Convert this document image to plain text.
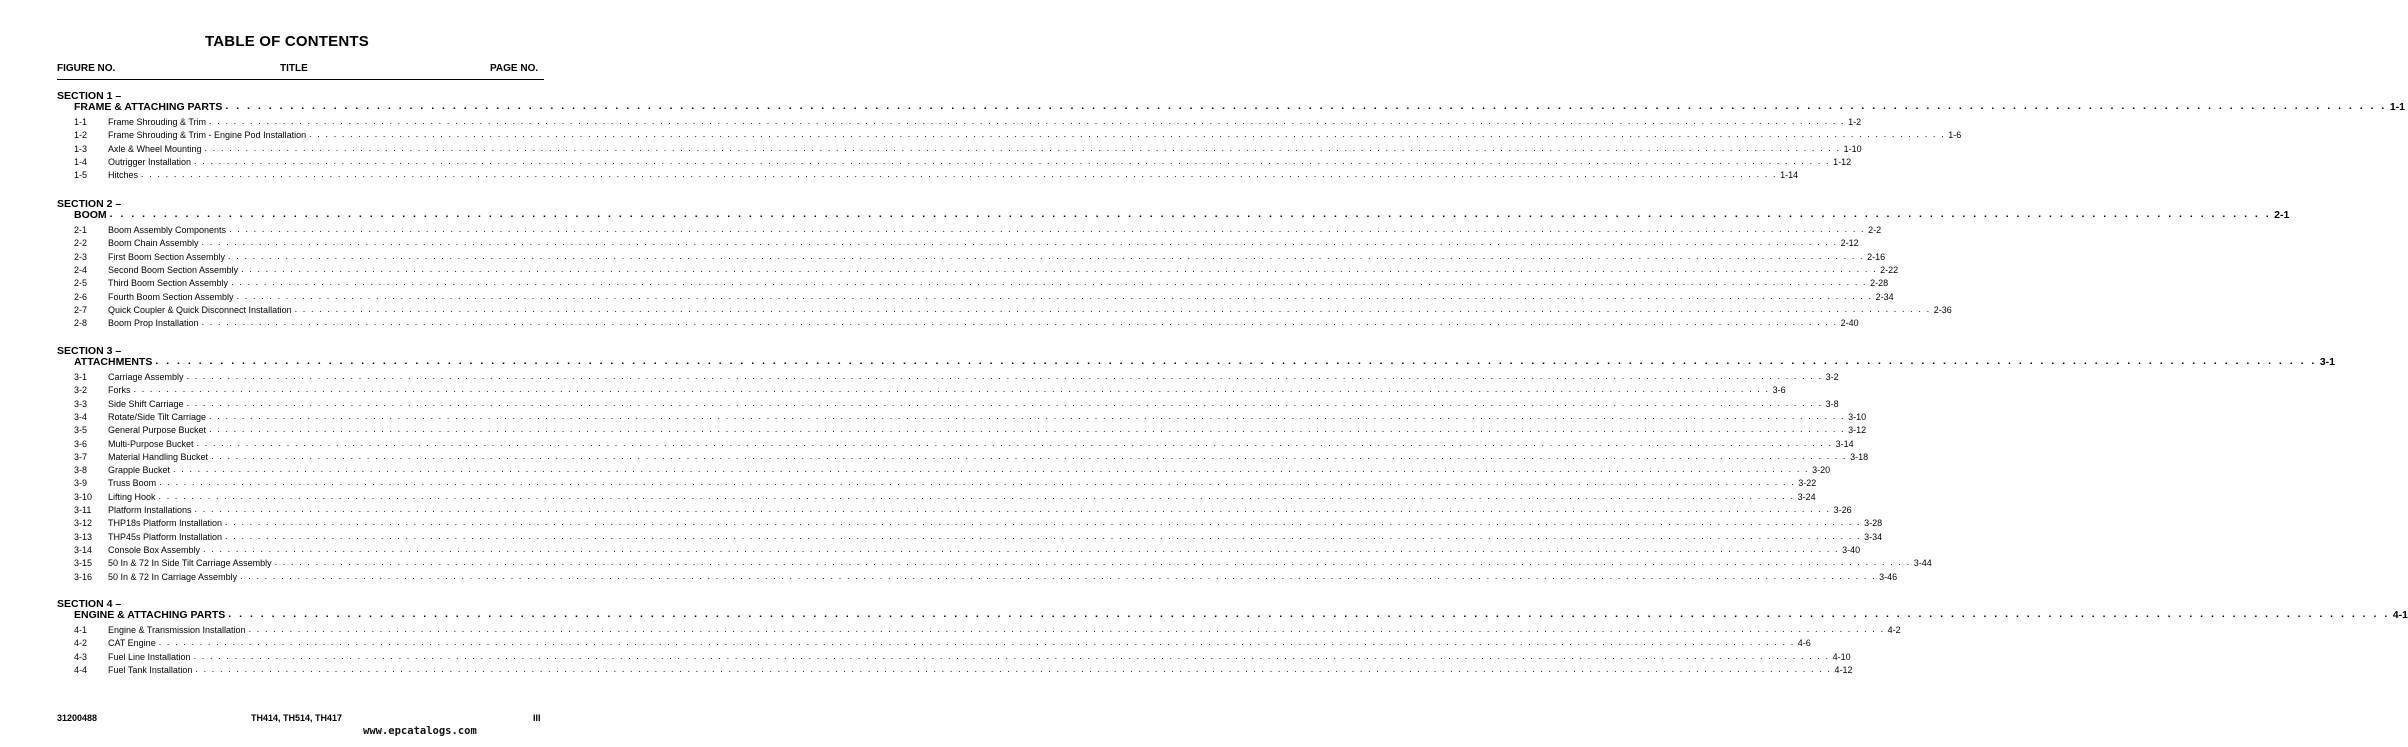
TABLE OF CONTENTS
FIGURE NO.	TITLE	PAGE NO.
SECTION 1 –
FRAME & ATTACHING PARTS . . . . . . . . . . . . . . . . . . . . . . . . . . . . . . . . . . . . . . . . . . . . . . . . . . . . . . . . . . . . . . . . . . . . . . . . . . . . . . . . . . . . . . . . . . . . . . . . . . . . . . . . . . . . . . . . . . . . . . . . . . . . . . . . . . . . . . . . . . . . . . . . . . . . . . . . . . . . . . . . . . . . . . . . . . . . . . . . . . . . . . . . . . . . . . . . . . . . . . . . 1-1
1-1	Frame Shrouding & Trim . . . . . . . . . . . . . . . . . . . . . . . . . . . . . . . . . . . . . . . . . . . . . . . . . . . . . . . . . . . . . . . . . . . . . . . . . . . . . . . . . . . . . . . . . . . . . . . . . . . . . . . . . . . . . . . . . . . . . . . . . . . . . . . . . . . . . . . . . . . . . . . . . . . . . . . . . . . . . . . . . . . . . . . . . . . . . . . . . . . . . . . . . . . . . . . . . . . . . . . . 1-2
1-2	Frame Shrouding & Trim - Engine Pod Installation . . . . . . . . . . . . . . . . . . . . . . . . . . . . . . . . . . . . . . . . . . . . . . . . . . . . . . . . . . . . . . . . . . . . . . . . . . . . . . . . . . . . . . . . . . . . . . . . . . . . . . . . . . . . . . . . . . . . . . . . . . . . . . . . . . . . . . . . . . . . . . . . . . . . . . . . . . . . . . . . . . . . . . . . . . . . . . . . . . . . . . . . . . . . . . . . . . . . . . . . 1-6
1-3	Axle & Wheel Mounting . . . . . . . . . . . . . . . . . . . . . . . . . . . . . . . . . . . . . . . . . . . . . . . . . . . . . . . . . . . . . . . . . . . . . . . . . . . . . . . . . . . . . . . . . . . . . . . . . . . . . . . . . . . . . . . . . . . . . . . . . . . . . . . . . . . . . . . . . . . . . . . . . . . . . . . . . . . . . . . . . . . . . . . . . . . . . . . . . . . . . . . . . . . . . . . . . . . . . . . . 1-10
1-4	Outrigger Installation . . . . . . . . . . . . . . . . . . . . . . . . . . . . . . . . . . . . . . . . . . . . . . . . . . . . . . . . . . . . . . . . . . . . . . . . . . . . . . . . . . . . . . . . . . . . . . . . . . . . . . . . . . . . . . . . . . . . . . . . . . . . . . . . . . . . . . . . . . . . . . . . . . . . . . . . . . . . . . . . . . . . . . . . . . . . . . . . . . . . . . . . . . . . . . . . . . . . . . . . 1-12
1-5	Hitches . . . . . . . . . . . . . . . . . . . . . . . . . . . . . . . . . . . . . . . . . . . . . . . . . . . . . . . . . . . . . . . . . . . . . . . . . . . . . . . . . . . . . . . . . . . . . . . . . . . . . . . . . . . . . . . . . . . . . . . . . . . . . . . . . . . . . . . . . . . . . . . . . . . . . . . . . . . . . . . . . . . . . . . . . . . . . . . . . . . . . . . . . . . . . . . . . . . . . . . . 1-14
SECTION 2 –
BOOM . . . . . . . . . . . . . . . . . . . . . . . . . . . . . . . . . . . . . . . . . . . . . . . . . . . . . . . . . . . . . . . . . . . . . . . . . . . . . . . . . . . . . . . . . . . . . . . . . . . . . . . . . . . . . . . . . . . . . . . . . . . . . . . . . . . . . . . . . . . . . . . . . . . . . . . . . . . . . . . . . . . . . . . . . . . . . . . . . . . . . . . . . . . . . . . . . . . . . . . . 2-1
2-1	Boom Assembly Components . . . . . . . . . . . . . . . . . . . . . . . . . . . . . . . . . . . . . . . . . . . . . . . . . . . . . . . . . . . . . . . . . . . . . . . . . . . . . . . . . . . . . . . . . . . . . . . . . . . . . . . . . . . . . . . . . . . . . . . . . . . . . . . . . . . . . . . . . . . . . . . . . . . . . . . . . . . . . . . . . . . . . . . . . . . . . . . . . . . . . . . . . . . . . . . . . . . . . . . . 2-2
2-2	Boom Chain Assembly . . . . . . . . . . . . . . . . . . . . . . . . . . . . . . . . . . . . . . . . . . . . . . . . . . . . . . . . . . . . . . . . . . . . . . . . . . . . . . . . . . . . . . . . . . . . . . . . . . . . . . . . . . . . . . . . . . . . . . . . . . . . . . . . . . . . . . . . . . . . . . . . . . . . . . . . . . . . . . . . . . . . . . . . . . . . . . . . . . . . . . . . . . . . . . . . . . . . . . . . 2-12
2-3	First Boom Section Assembly . . . . . . . . . . . . . . . . . . . . . . . . . . . . . . . . . . . . . . . . . . . . . . . . . . . . . . . . . . . . . . . . . . . . . . . . . . . . . . . . . . . . . . . . . . . . . . . . . . . . . . . . . . . . . . . . . . . . . . . . . . . . . . . . . . . . . . . . . . . . . . . . . . . . . . . . . . . . . . . . . . . . . . . . . . . . . . . . . . . . . . . . . . . . . . . . . . . . . . . . 2-16
2-4	Second Boom Section Assembly . . . . . . . . . . . . . . . . . . . . . . . . . . . . . . . . . . . . . . . . . . . . . . . . . . . . . . . . . . . . . . . . . . . . . . . . . . . . . . . . . . . . . . . . . . . . . . . . . . . . . . . . . . . . . . . . . . . . . . . . . . . . . . . . . . . . . . . . . . . . . . . . . . . . . . . . . . . . . . . . . . . . . . . . . . . . . . . . . . . . . . . . . . . . . . . . . . . . . . . . 2-22
2-5	Third Boom Section Assembly . . . . . . . . . . . . . . . . . . . . . . . . . . . . . . . . . . . . . . . . . . . . . . . . . . . . . . . . . . . . . . . . . . . . . . . . . . . . . . . . . . . . . . . . . . . . . . . . . . . . . . . . . . . . . . . . . . . . . . . . . . . . . . . . . . . . . . . . . . . . . . . . . . . . . . . . . . . . . . . . . . . . . . . . . . . . . . . . . . . . . . . . . . . . . . . . . . . . . . . . 2-28
2-6	Fourth Boom Section Assembly . . . . . . . . . . . . . . . . . . . . . . . . . . . . . . . . . . . . . . . . . . . . . . . . . . . . . . . . . . . . . . . . . . . . . . . . . . . . . . . . . . . . . . . . . . . . . . . . . . . . . . . . . . . . . . . . . . . . . . . . . . . . . . . . . . . . . . . . . . . . . . . . . . . . . . . . . . . . . . . . . . . . . . . . . . . . . . . . . . . . . . . . . . . . . . . . . . . . . . . . 2-34
2-7	Quick Coupler & Quick Disconnect Installation . . . . . . . . . . . . . . . . . . . . . . . . . . . . . . . . . . . . . . . . . . . . . . . . . . . . . . . . . . . . . . . . . . . . . . . . . . . . . . . . . . . . . . . . . . . . . . . . . . . . . . . . . . . . . . . . . . . . . . . . . . . . . . . . . . . . . . . . . . . . . . . . . . . . . . . . . . . . . . . . . . . . . . . . . . . . . . . . . . . . . . . . . . . . . . . . . . . . . . . . 2-36
2-8	Boom Prop Installation . . . . . . . . . . . . . . . . . . . . . . . . . . . . . . . . . . . . . . . . . . . . . . . . . . . . . . . . . . . . . . . . . . . . . . . . . . . . . . . . . . . . . . . . . . . . . . . . . . . . . . . . . . . . . . . . . . . . . . . . . . . . . . . . . . . . . . . . . . . . . . . . . . . . . . . . . . . . . . . . . . . . . . . . . . . . . . . . . . . . . . . . . . . . . . . . . . . . . . . . 2-40
SECTION 3 –
ATTACHMENTS . . . . . . . . . . . . . . . . . . . . . . . . . . . . . . . . . . . . . . . . . . . . . . . . . . . . . . . . . . . . . . . . . . . . . . . . . . . . . . . . . . . . . . . . . . . . . . . . . . . . . . . . . . . . . . . . . . . . . . . . . . . . . . . . . . . . . . . . . . . . . . . . . . . . . . . . . . . . . . . . . . . . . . . . . . . . . . . . . . . . . . . . . . . . . . . . . . . . . . . . 3-1
3-1	Carriage Assembly . . . . . . . . . . . . . . . . . . . . . . . . . . . . . . . . . . . . . . . . . . . . . . . . . . . . . . . . . . . . . . . . . . . . . . . . . . . . . . . . . . . . . . . . . . . . . . . . . . . . . . . . . . . . . . . . . . . . . . . . . . . . . . . . . . . . . . . . . . . . . . . . . . . . . . . . . . . . . . . . . . . . . . . . . . . . . . . . . . . . . . . . . . . . . . . . . . . . . . . . 3-2
3-2	Forks . . . . . . . . . . . . . . . . . . . . . . . . . . . . . . . . . . . . . . . . . . . . . . . . . . . . . . . . . . . . . . . . . . . . . . . . . . . . . . . . . . . . . . . . . . . . . . . . . . . . . . . . . . . . . . . . . . . . . . . . . . . . . . . . . . . . . . . . . . . . . . . . . . . . . . . . . . . . . . . . . . . . . . . . . . . . . . . . . . . . . . . . . . . . . . . . . . . . . . . . 3-6
3-3	Side Shift Carriage . . . . . . . . . . . . . . . . . . . . . . . . . . . . . . . . . . . . . . . . . . . . . . . . . . . . . . . . . . . . . . . . . . . . . . . . . . . . . . . . . . . . . . . . . . . . . . . . . . . . . . . . . . . . . . . . . . . . . . . . . . . . . . . . . . . . . . . . . . . . . . . . . . . . . . . . . . . . . . . . . . . . . . . . . . . . . . . . . . . . . . . . . . . . . . . . . . . . . . . . 3-8
3-4	Rotate/Side Tilt Carriage . . . . . . . . . . . . . . . . . . . . . . . . . . . . . . . . . . . . . . . . . . . . . . . . . . . . . . . . . . . . . . . . . . . . . . . . . . . . . . . . . . . . . . . . . . . . . . . . . . . . . . . . . . . . . . . . . . . . . . . . . . . . . . . . . . . . . . . . . . . . . . . . . . . . . . . . . . . . . . . . . . . . . . . . . . . . . . . . . . . . . . . . . . . . . . . . . . . . . . . . 3-10
3-5	General Purpose Bucket . . . . . . . . . . . . . . . . . . . . . . . . . . . . . . . . . . . . . . . . . . . . . . . . . . . . . . . . . . . . . . . . . . . . . . . . . . . . . . . . . . . . . . . . . . . . . . . . . . . . . . . . . . . . . . . . . . . . . . . . . . . . . . . . . . . . . . . . . . . . . . . . . . . . . . . . . . . . . . . . . . . . . . . . . . . . . . . . . . . . . . . . . . . . . . . . . . . . . . . . 3-12
3-6	Multi-Purpose Bucket . . . . . . . . . . . . . . . . . . . . . . . . . . . . . . . . . . . . . . . . . . . . . . . . . . . . . . . . . . . . . . . . . . . . . . . . . . . . . . . . . . . . . . . . . . . . . . . . . . . . . . . . . . . . . . . . . . . . . . . . . . . . . . . . . . . . . . . . . . . . . . . . . . . . . . . . . . . . . . . . . . . . . . . . . . . . . . . . . . . . . . . . . . . . . . . . . . . . . . . . 3-14
3-7	Material Handling Bucket . . . . . . . . . . . . . . . . . . . . . . . . . . . . . . . . . . . . . . . . . . . . . . . . . . . . . . . . . . . . . . . . . . . . . . . . . . . . . . . . . . . . . . . . . . . . . . . . . . . . . . . . . . . . . . . . . . . . . . . . . . . . . . . . . . . . . . . . . . . . . . . . . . . . . . . . . . . . . . . . . . . . . . . . . . . . . . . . . . . . . . . . . . . . . . . . . . . . . . . . 3-18
3-8	Grapple Bucket . . . . . . . . . . . . . . . . . . . . . . . . . . . . . . . . . . . . . . . . . . . . . . . . . . . . . . . . . . . . . . . . . . . . . . . . . . . . . . . . . . . . . . . . . . . . . . . . . . . . . . . . . . . . . . . . . . . . . . . . . . . . . . . . . . . . . . . . . . . . . . . . . . . . . . . . . . . . . . . . . . . . . . . . . . . . . . . . . . . . . . . . . . . . . . . . . . . . . . . . 3-20
3-9	Truss Boom . . . . . . . . . . . . . . . . . . . . . . . . . . . . . . . . . . . . . . . . . . . . . . . . . . . . . . . . . . . . . . . . . . . . . . . . . . . . . . . . . . . . . . . . . . . . . . . . . . . . . . . . . . . . . . . . . . . . . . . . . . . . . . . . . . . . . . . . . . . . . . . . . . . . . . . . . . . . . . . . . . . . . . . . . . . . . . . . . . . . . . . . . . . . . . . . . . . . . . . . 3-22
3-10	Lifting Hook . . . . . . . . . . . . . . . . . . . . . . . . . . . . . . . . . . . . . . . . . . . . . . . . . . . . . . . . . . . . . . . . . . . . . . . . . . . . . . . . . . . . . . . . . . . . . . . . . . . . . . . . . . . . . . . . . . . . . . . . . . . . . . . . . . . . . . . . . . . . . . . . . . . . . . . . . . . . . . . . . . . . . . . . . . . . . . . . . . . . . . . . . . . . . . . . . . . . . . . . 3-24
3-11	Platform Installations . . . . . . . . . . . . . . . . . . . . . . . . . . . . . . . . . . . . . . . . . . . . . . . . . . . . . . . . . . . . . . . . . . . . . . . . . . . . . . . . . . . . . . . . . . . . . . . . . . . . . . . . . . . . . . . . . . . . . . . . . . . . . . . . . . . . . . . . . . . . . . . . . . . . . . . . . . . . . . . . . . . . . . . . . . . . . . . . . . . . . . . . . . . . . . . . . . . . . . . . 3-26
3-12	THP18s Platform Installation . . . . . . . . . . . . . . . . . . . . . . . . . . . . . . . . . . . . . . . . . . . . . . . . . . . . . . . . . . . . . . . . . . . . . . . . . . . . . . . . . . . . . . . . . . . . . . . . . . . . . . . . . . . . . . . . . . . . . . . . . . . . . . . . . . . . . . . . . . . . . . . . . . . . . . . . . . . . . . . . . . . . . . . . . . . . . . . . . . . . . . . . . . . . . . . . . . . . . . . . 3-28
3-13	THP45s Platform Installation . . . . . . . . . . . . . . . . . . . . . . . . . . . . . . . . . . . . . . . . . . . . . . . . . . . . . . . . . . . . . . . . . . . . . . . . . . . . . . . . . . . . . . . . . . . . . . . . . . . . . . . . . . . . . . . . . . . . . . . . . . . . . . . . . . . . . . . . . . . . . . . . . . . . . . . . . . . . . . . . . . . . . . . . . . . . . . . . . . . . . . . . . . . . . . . . . . . . . . . . 3-34
3-14	Console Box Assembly . . . . . . . . . . . . . . . . . . . . . . . . . . . . . . . . . . . . . . . . . . . . . . . . . . . . . . . . . . . . . . . . . . . . . . . . . . . . . . . . . . . . . . . . . . . . . . . . . . . . . . . . . . . . . . . . . . . . . . . . . . . . . . . . . . . . . . . . . . . . . . . . . . . . . . . . . . . . . . . . . . . . . . . . . . . . . . . . . . . . . . . . . . . . . . . . . . . . . . . . 3-40
3-15	50 In & 72 In Side Tilt Carriage Assembly . . . . . . . . . . . . . . . . . . . . . . . . . . . . . . . . . . . . . . . . . . . . . . . . . . . . . . . . . . . . . . . . . . . . . . . . . . . . . . . . . . . . . . . . . . . . . . . . . . . . . . . . . . . . . . . . . . . . . . . . . . . . . . . . . . . . . . . . . . . . . . . . . . . . . . . . . . . . . . . . . . . . . . . . . . . . . . . . . . . . . . . . . . . . . . . . . . . . . . . . 3-44
3-16	50 In & 72 In Carriage Assembly . . . . . . . . . . . . . . . . . . . . . . . . . . . . . . . . . . . . . . . . . . . . . . . . . . . . . . . . . . . . . . . . . . . . . . . . . . . . . . . . . . . . . . . . . . . . . . . . . . . . . . . . . . . . . . . . . . . . . . . . . . . . . . . . . . . . . . . . . . . . . . . . . . . . . . . . . . . . . . . . . . . . . . . . . . . . . . . . . . . . . . . . . . . . . . . . . . . . . . . . 3-46
SECTION 4 –
ENGINE & ATTACHING PARTS . . . . . . . . . . . . . . . . . . . . . . . . . . . . . . . . . . . . . . . . . . . . . . . . . . . . . . . . . . . . . . . . . . . . . . . . . . . . . . . . . . . . . . . . . . . . . . . . . . . . . . . . . . . . . . . . . . . . . . . . . . . . . . . . . . . . . . . . . . . . . . . . . . . . . . . . . . . . . . . . . . . . . . . . . . . . . . . . . . . . . . . . . . . . . . . . . . . . . . . . 4-1
4-1	Engine & Transmission Installation . . . . . . . . . . . . . . . . . . . . . . . . . . . . . . . . . . . . . . . . . . . . . . . . . . . . . . . . . . . . . . . . . . . . . . . . . . . . . . . . . . . . . . . . . . . . . . . . . . . . . . . . . . . . . . . . . . . . . . . . . . . . . . . . . . . . . . . . . . . . . . . . . . . . . . . . . . . . . . . . . . . . . . . . . . . . . . . . . . . . . . . . . . . . . . . . . . . . . . . . 4-2
4-2	CAT Engine . . . . . . . . . . . . . . . . . . . . . . . . . . . . . . . . . . . . . . . . . . . . . . . . . . . . . . . . . . . . . . . . . . . . . . . . . . . . . . . . . . . . . . . . . . . . . . . . . . . . . . . . . . . . . . . . . . . . . . . . . . . . . . . . . . . . . . . . . . . . . . . . . . . . . . . . . . . . . . . . . . . . . . . . . . . . . . . . . . . . . . . . . . . . . . . . . . . . . . . . 4-6
4-3	Fuel Line Installation . . . . . . . . . . . . . . . . . . . . . . . . . . . . . . . . . . . . . . . . . . . . . . . . . . . . . . . . . . . . . . . . . . . . . . . . . . . . . . . . . . . . . . . . . . . . . . . . . . . . . . . . . . . . . . . . . . . . . . . . . . . . . . . . . . . . . . . . . . . . . . . . . . . . . . . . . . . . . . . . . . . . . . . . . . . . . . . . . . . . . . . . . . . . . . . . . . . . . . . . 4-10
4-4	Fuel Tank Installation . . . . . . . . . . . . . . . . . . . . . . . . . . . . . . . . . . . . . . . . . . . . . . . . . . . . . . . . . . . . . . . . . . . . . . . . . . . . . . . . . . . . . . . . . . . . . . . . . . . . . . . . . . . . . . . . . . . . . . . . . . . . . . . . . . . . . . . . . . . . . . . . . . . . . . . . . . . . . . . . . . . . . . . . . . . . . . . . . . . . . . . . . . . . . . . . . . . . . . . . 4-12
31200488	TH414, TH514, TH417	III
www.epcatalogs.com
